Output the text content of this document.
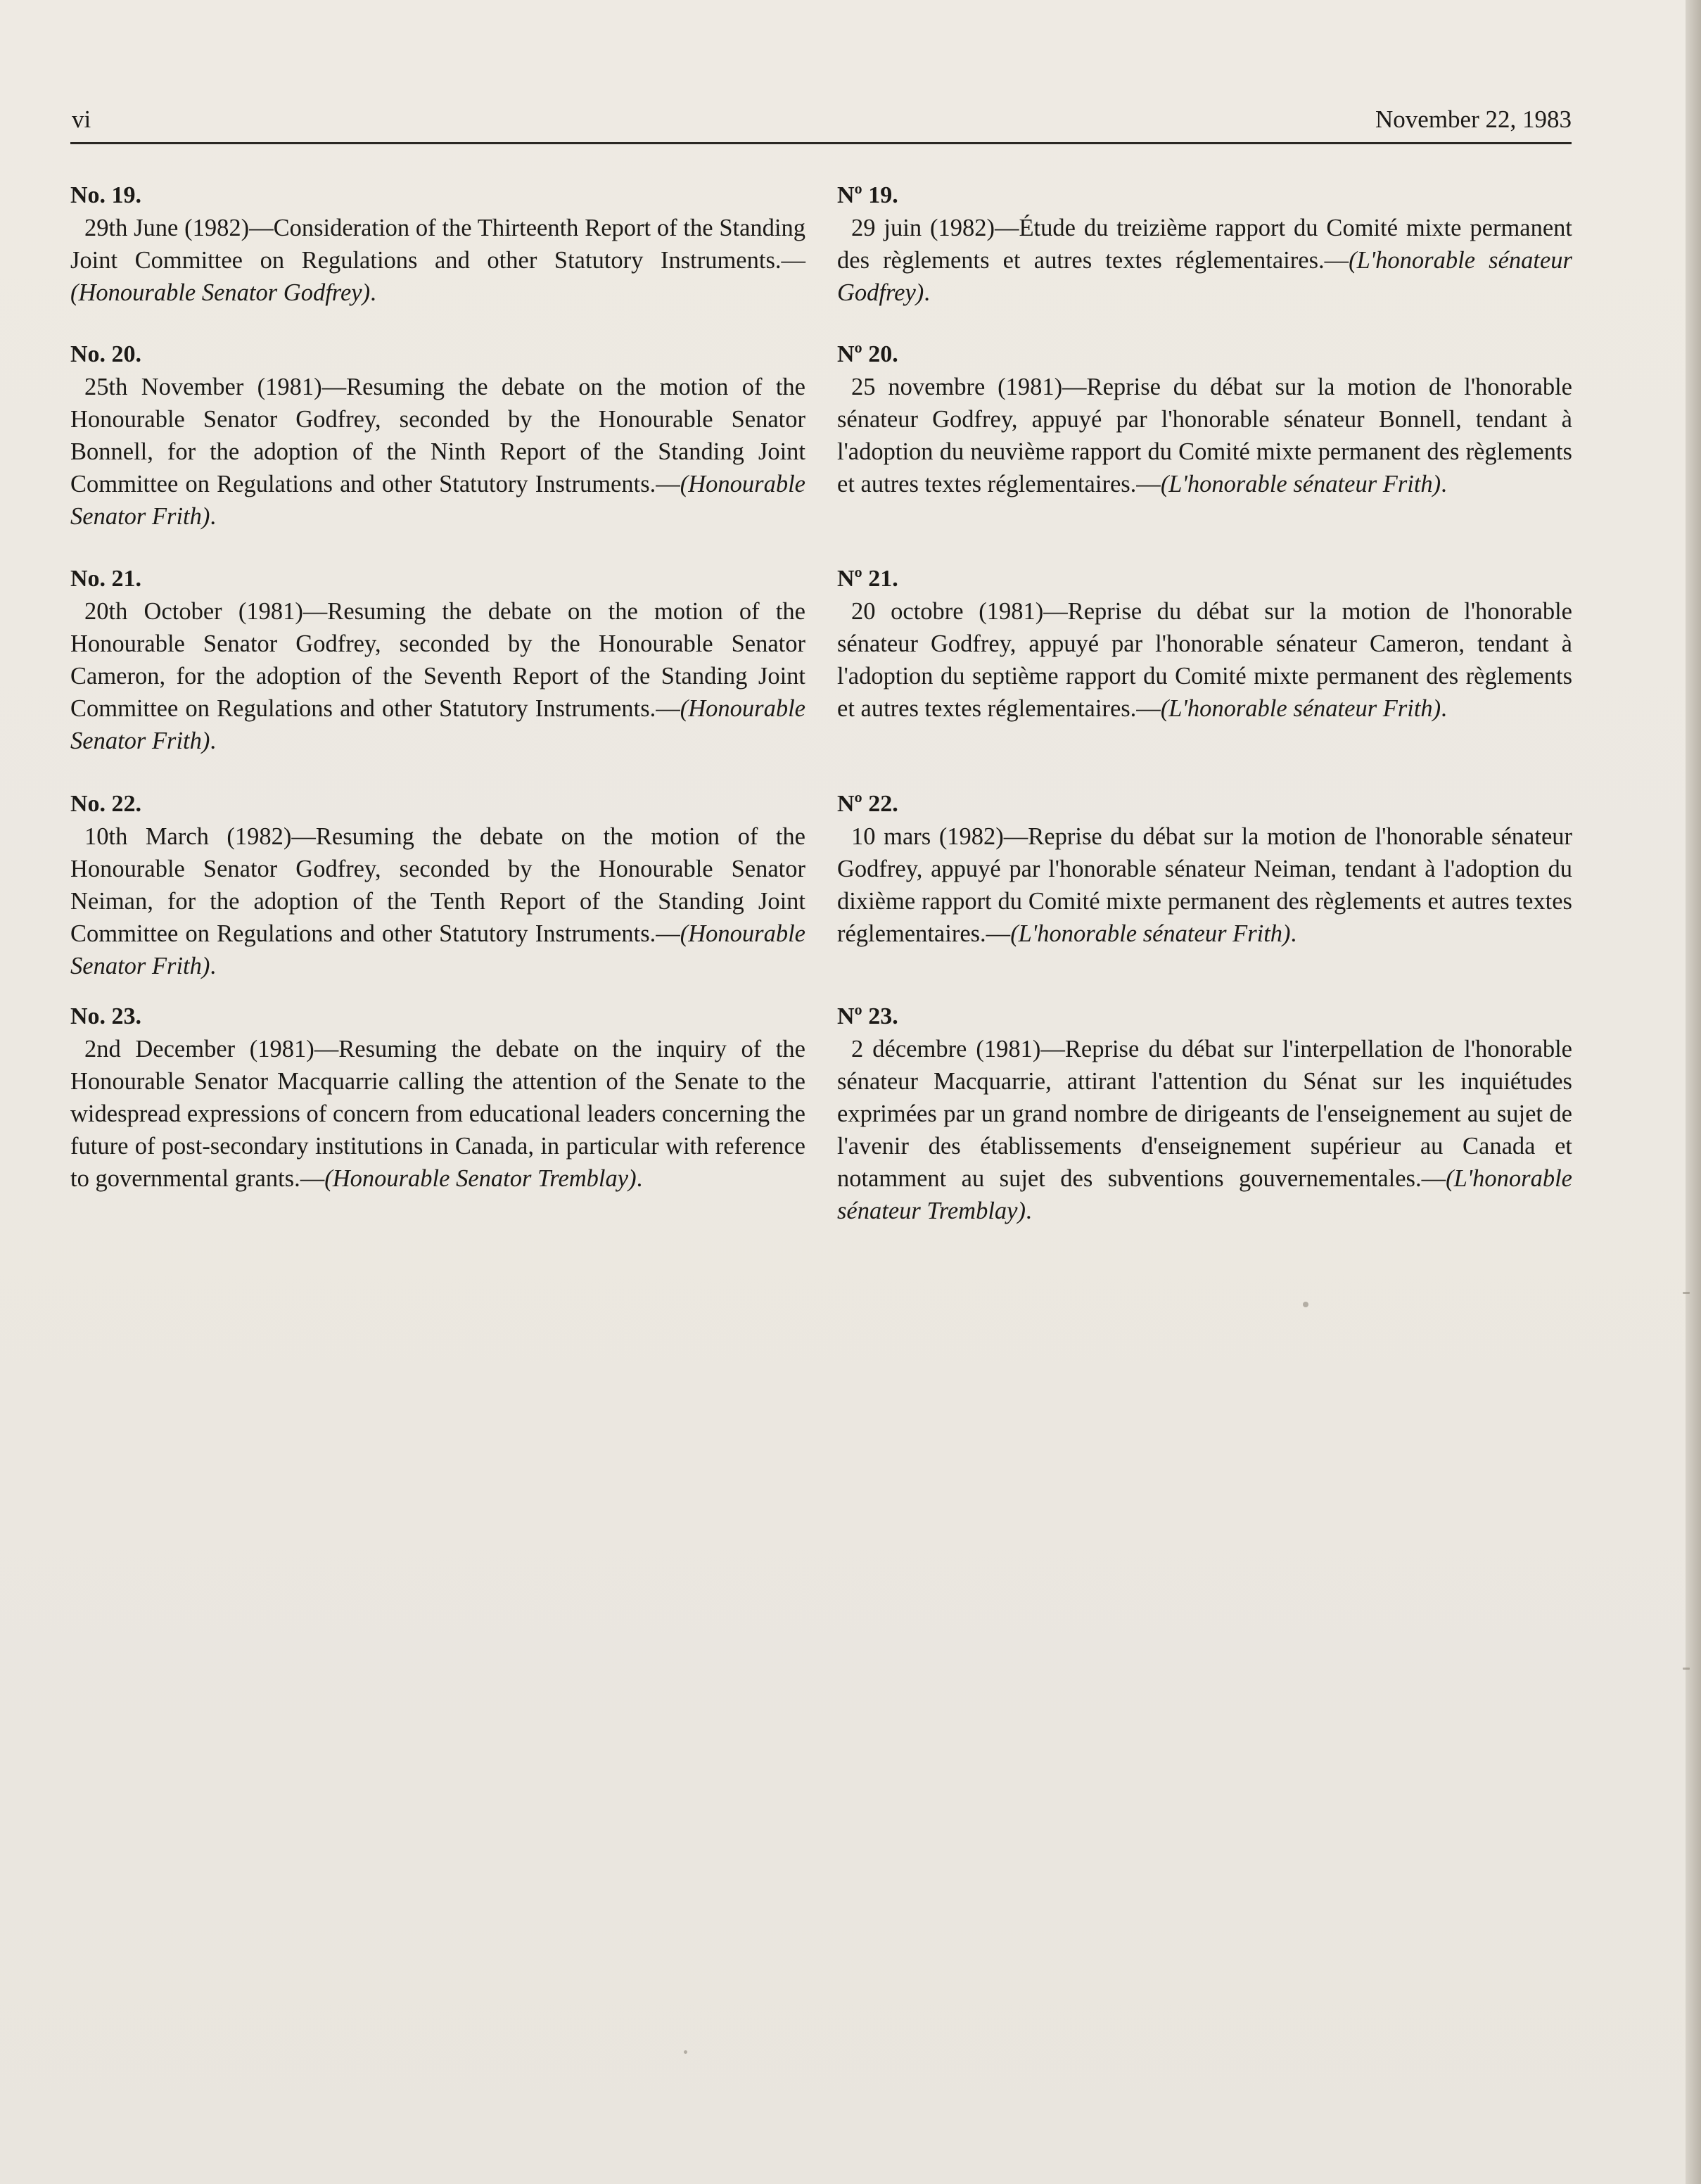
vi	November 22, 1983
No. 19.
29th June (1982)—Consideration of the Thirteenth Report of the Standing Joint Committee on Regulations and other Statutory Instruments.—(Honourable Senator Godfrey).
No. 20.
25th November (1981)—Resuming the debate on the motion of the Honourable Senator Godfrey, seconded by the Honourable Senator Bonnell, for the adoption of the Ninth Report of the Standing Joint Committee on Regulations and other Statutory Instruments.—(Honourable Senator Frith).
No. 21.
20th October (1981)—Resuming the debate on the motion of the Honourable Senator Godfrey, seconded by the Honourable Senator Cameron, for the adoption of the Seventh Report of the Standing Joint Committee on Regulations and other Statutory Instruments.—(Honourable Senator Frith).
No. 22.
10th March (1982)—Resuming the debate on the motion of the Honourable Senator Godfrey, seconded by the Honourable Senator Neiman, for the adoption of the Tenth Report of the Standing Joint Committee on Regulations and other Statutory Instruments.—(Honourable Senator Frith).
No. 23.
2nd December (1981)—Resuming the debate on the inquiry of the Honourable Senator Macquarrie calling the attention of the Senate to the widespread expressions of concern from educational leaders concerning the future of post-secondary institutions in Canada, in particular with reference to governmental grants.—(Honourable Senator Tremblay).
Nº 19.
29 juin (1982)—Étude du treizième rapport du Comité mixte permanent des règlements et autres textes réglementaires.—(L'honorable sénateur Godfrey).
Nº 20.
25 novembre (1981)—Reprise du débat sur la motion de l'honorable sénateur Godfrey, appuyé par l'honorable sénateur Bonnell, tendant à l'adoption du neuvième rapport du Comité mixte permanent des règlements et autres textes réglementaires.—(L'honorable sénateur Frith).
Nº 21.
20 octobre (1981)—Reprise du débat sur la motion de l'honorable sénateur Godfrey, appuyé par l'honorable sénateur Cameron, tendant à l'adoption du septième rapport du Comité mixte permanent des règlements et autres textes réglementaires.—(L'honorable sénateur Frith).
Nº 22.
10 mars (1982)—Reprise du débat sur la motion de l'honorable sénateur Godfrey, appuyé par l'honorable sénateur Neiman, tendant à l'adoption du dixième rapport du Comité mixte permanent des règlements et autres textes réglementaires.—(L'honorable sénateur Frith).
Nº 23.
2 décembre (1981)—Reprise du débat sur l'interpellation de l'honorable sénateur Macquarrie, attirant l'attention du Sénat sur les inquiétudes exprimées par un grand nombre de dirigeants de l'enseignement au sujet de l'avenir des établissements d'enseignement supérieur au Canada et notamment au sujet des subventions gouvernementales.—(L'honorable sénateur Tremblay).
